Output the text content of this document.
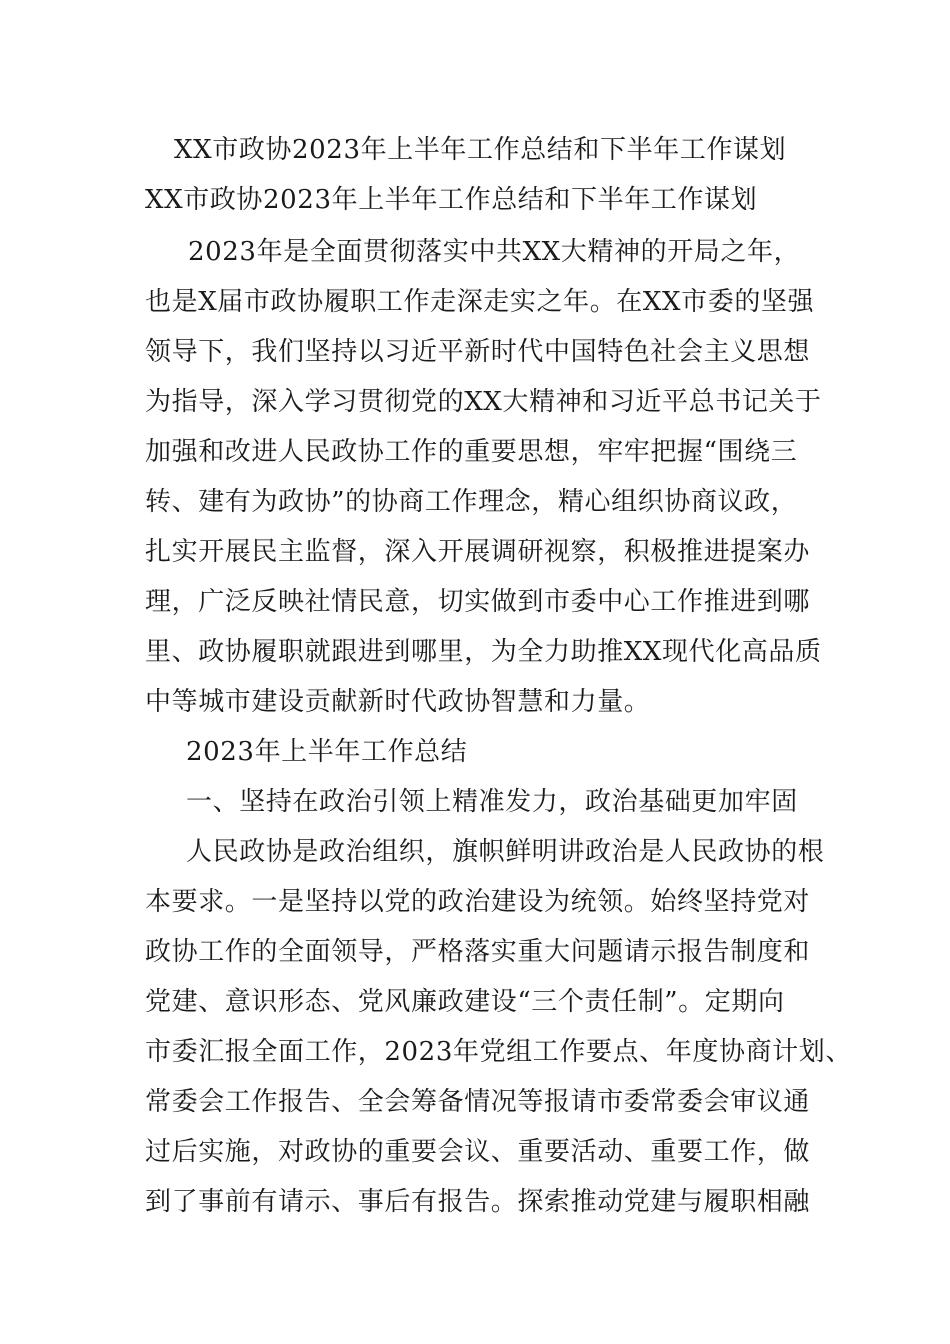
XX市政协2023年上半年工作总结和下半年工作谋划
XX市政协2023年上半年工作总结和下半年工作谋划
2023年是全面贯彻落实中共XX大精神的开局之年，
也是X届市政协履职工作走深走实之年。在XX市委的坚强
领导下，我们坚持以习近平新时代中国特色社会主义思想
为指导，深入学习贯彻党的XX大精神和习近平总书记关于
加强和改进人民政协工作的重要思想，牢牢把握“围绕三
转、建有为政协”的协商工作理念，精心组织协商议政，
扎实开展民主监督，深入开展调研视察，积极推进提案办
理，广泛反映社情民意，切实做到市委中心工作推进到哪
里、政协履职就跟进到哪里，为全力助推XX现代化高品质
中等城市建设贡献新时代政协智慧和力量。
2023年上半年工作总结
一、坚持在政治引领上精准发力，政治基础更加牢固
人民政协是政治组织，旗帜鲜明讲政治是人民政协的根
本要求。一是坚持以党的政治建设为统领。始终坚持党对
政协工作的全面领导，严格落实重大问题请示报告制度和
党建、意识形态、党风廉政建设“三个责任制”。定期向
市委汇报全面工作，2023年党组工作要点、年度协商计划、
常委会工作报告、全会筹备情况等报请市委常委会审议通
过后实施，对政协的重要会议、重要活动、重要工作，做
到了事前有请示、事后有报告。探索推动党建与履职相融
